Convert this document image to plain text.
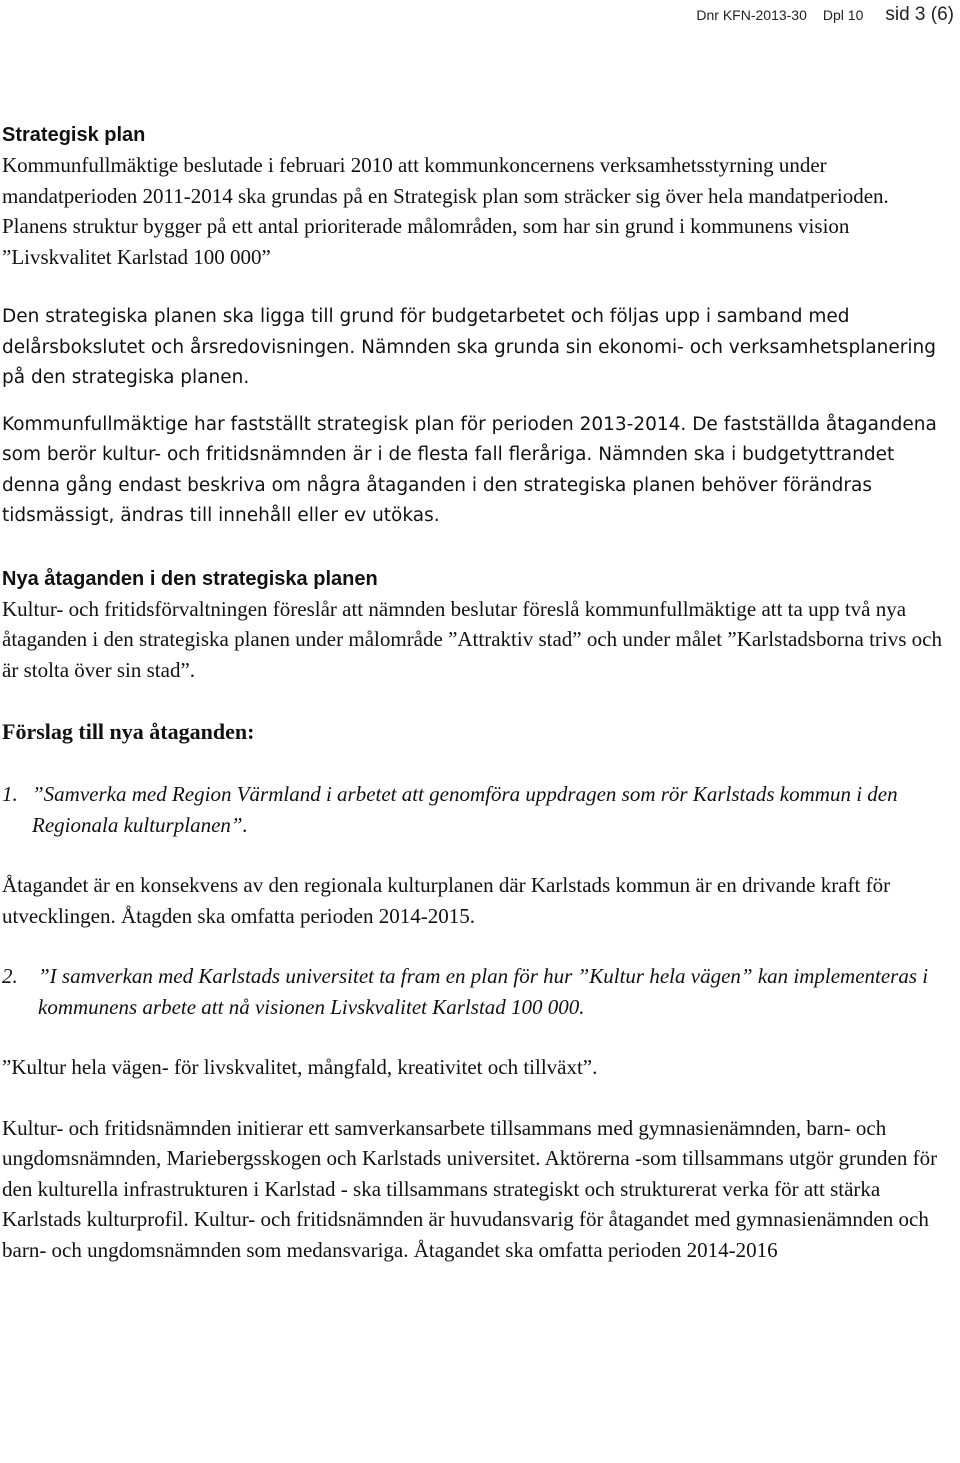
Dnr KFN-2013-30 Dpl 10 sid 3 (6)

Strategisk plan

Kommunfullmäktige beslutade i februari 2010 att kommunkoncernens verksamhetsstyrning under mandatperioden 2011-2014 ska grundas på en Strategisk plan som sträcker sig över hela mandatperioden. Planens struktur bygger på ett antal prioriterade målområden, som har sin grund i kommunens vision ”Livskvalitet Karlstad 100 000”

Den strategiska planen ska ligga till grund för budgetarbetet och följas upp i samband med delårsbokslutet och årsredovisningen. Nämnden ska grunda sin ekonomi- och verksamhetsplanering på den strategiska planen.

Kommunfullmäktige har fastställt strategisk plan för perioden 2013-2014. De fastställda åtagandena som berör kultur- och fritidsnämnden är i de flesta fall fleråriga. Nämnden ska i budgetyttrandet denna gång endast beskriva om några åtaganden i den strategiska planen behöver förändras tidsmässigt, ändras till innehåll eller ev utökas.

Nya åtaganden i den strategiska planen

Kultur- och fritidsförvaltningen föreslår att nämnden beslutar föreslå kommunfullmäktige att ta upp två nya åtaganden i den strategiska planen under målområde ”Attraktiv stad” och under målet ”Karlstadsborna trivs och är stolta över sin stad”.

Förslag till nya åtaganden:

1. ”Samverka med Region Värmland i arbetet att genomföra uppdragen som rör Karlstads kommun i den Regionala kulturplanen”.

Åtagandet är en konsekvens av den regionala kulturplanen där Karlstads kommun är en drivande kraft för utvecklingen. Åtagden ska omfatta perioden 2014-2015.

2. ”I samverkan med Karlstads universitet ta fram en plan för hur ”Kultur hela vägen” kan implementeras i kommunens arbete att nå visionen Livskvalitet Karlstad 100 000.

”Kultur hela vägen- för livskvalitet, mångfald, kreativitet och tillväxt”.

Kultur- och fritidsnämnden initierar ett samverkansarbete tillsammans med gymnasienämnden, barn- och ungdomsnämnden, Mariebergsskogen och Karlstads universitet. Aktörerna -som tillsammans utgör grunden för den kulturella infrastrukturen i Karlstad - ska tillsammans strategiskt och strukturerat verka för att stärka Karlstads kulturprofil. Kultur- och fritidsnämnden är huvudansvarig för åtagandet med gymnasienämnden och barn- och ungdomsnämnden som medansvariga. Åtagandet ska omfatta perioden 2014-2016
